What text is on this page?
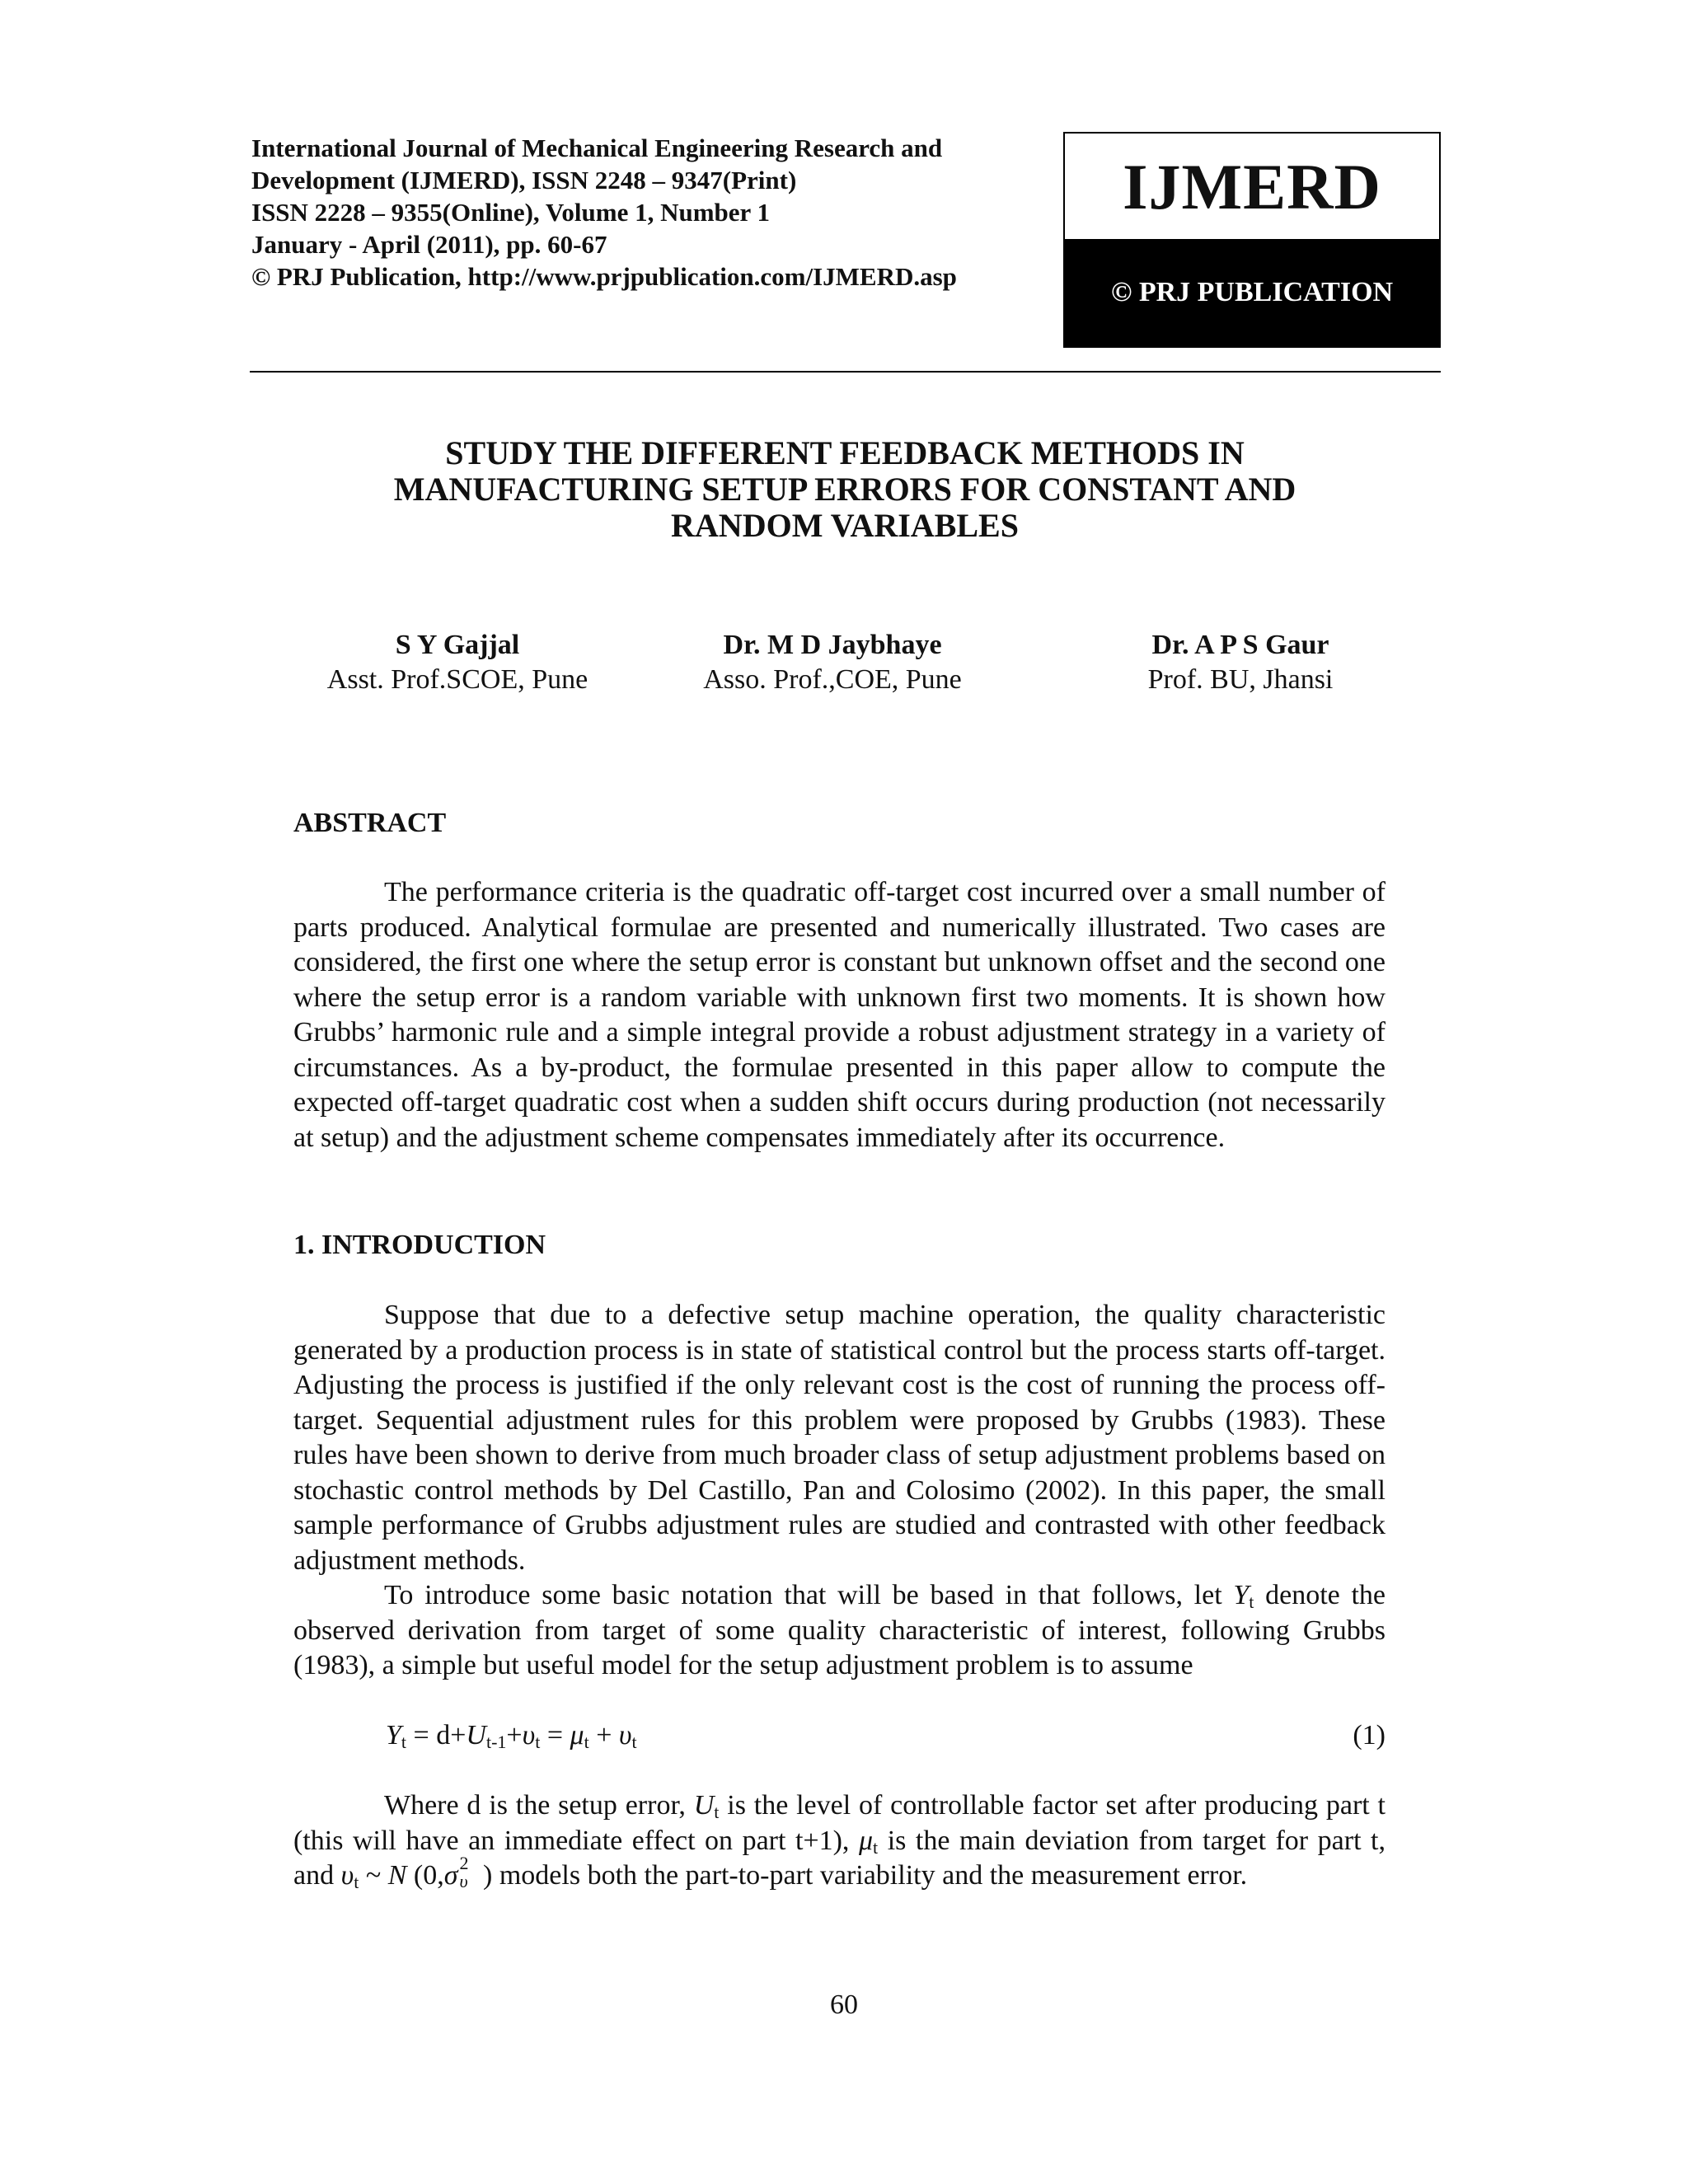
International Journal of Mechanical Engineering Research and
Development (IJMERD), ISSN 2248 – 9347(Print)
ISSN 2228 – 9355(Online), Volume 1, Number 1
January - April (2011), pp. 60-67
© PRJ Publication, http://www.prjpublication.com/IJMERD.asp
IJMERD
© PRJ PUBLICATION
STUDY THE DIFFERENT FEEDBACK METHODS IN
MANUFACTURING SETUP ERRORS FOR CONSTANT AND
RANDOM VARIABLES
S Y Gajjal
Asst. Prof.SCOE, Pune
Dr. M D Jaybhaye
Asso. Prof.,COE, Pune
Dr. A P S Gaur
Prof. BU, Jhansi
ABSTRACT
The performance criteria is the quadratic off-target cost incurred over a small number of parts produced. Analytical formulae are presented and numerically illustrated. Two cases are considered, the first one where the setup error is constant but unknown offset and the second one where the setup error is a random variable with unknown first two moments. It is shown how Grubbs’ harmonic rule and a simple integral provide a robust adjustment strategy in a variety of circumstances. As a by-product, the formulae presented in this paper allow to compute the expected off-target quadratic cost when a sudden shift occurs during production (not necessarily at setup) and the adjustment scheme compensates immediately after its occurrence.
1. INTRODUCTION
Suppose that due to a defective setup machine operation, the quality characteristic generated by a production process is in state of statistical control but the process starts off-target. Adjusting the process is justified if the only relevant cost is the cost of running the process off-target. Sequential adjustment rules for this problem were proposed by Grubbs (1983). These rules have been shown to derive from much broader class of setup adjustment problems based on stochastic control methods by Del Castillo, Pan and Colosimo (2002). In this paper, the small sample performance of Grubbs adjustment rules are studied and contrasted with other feedback adjustment methods.
To introduce some basic notation that will be based in that follows, let $Y_t$ denote the observed derivation from target of some quality characteristic of interest, following Grubbs (1983), a simple but useful model for the setup adjustment problem is to assume
$Y_t = d+U_{t-1}+\upsilon_t = \mu_t + \upsilon_t$	(1)
Where d is the setup error, $U_t$ is the level of controllable factor set after producing part t (this will have an immediate effect on part t+1), $\mu_t$ is the main deviation from target for part t, and $\upsilon_t$ ~ N (0,σ 2
υ ) models both the part-to-part variability and the measurement error.
60
